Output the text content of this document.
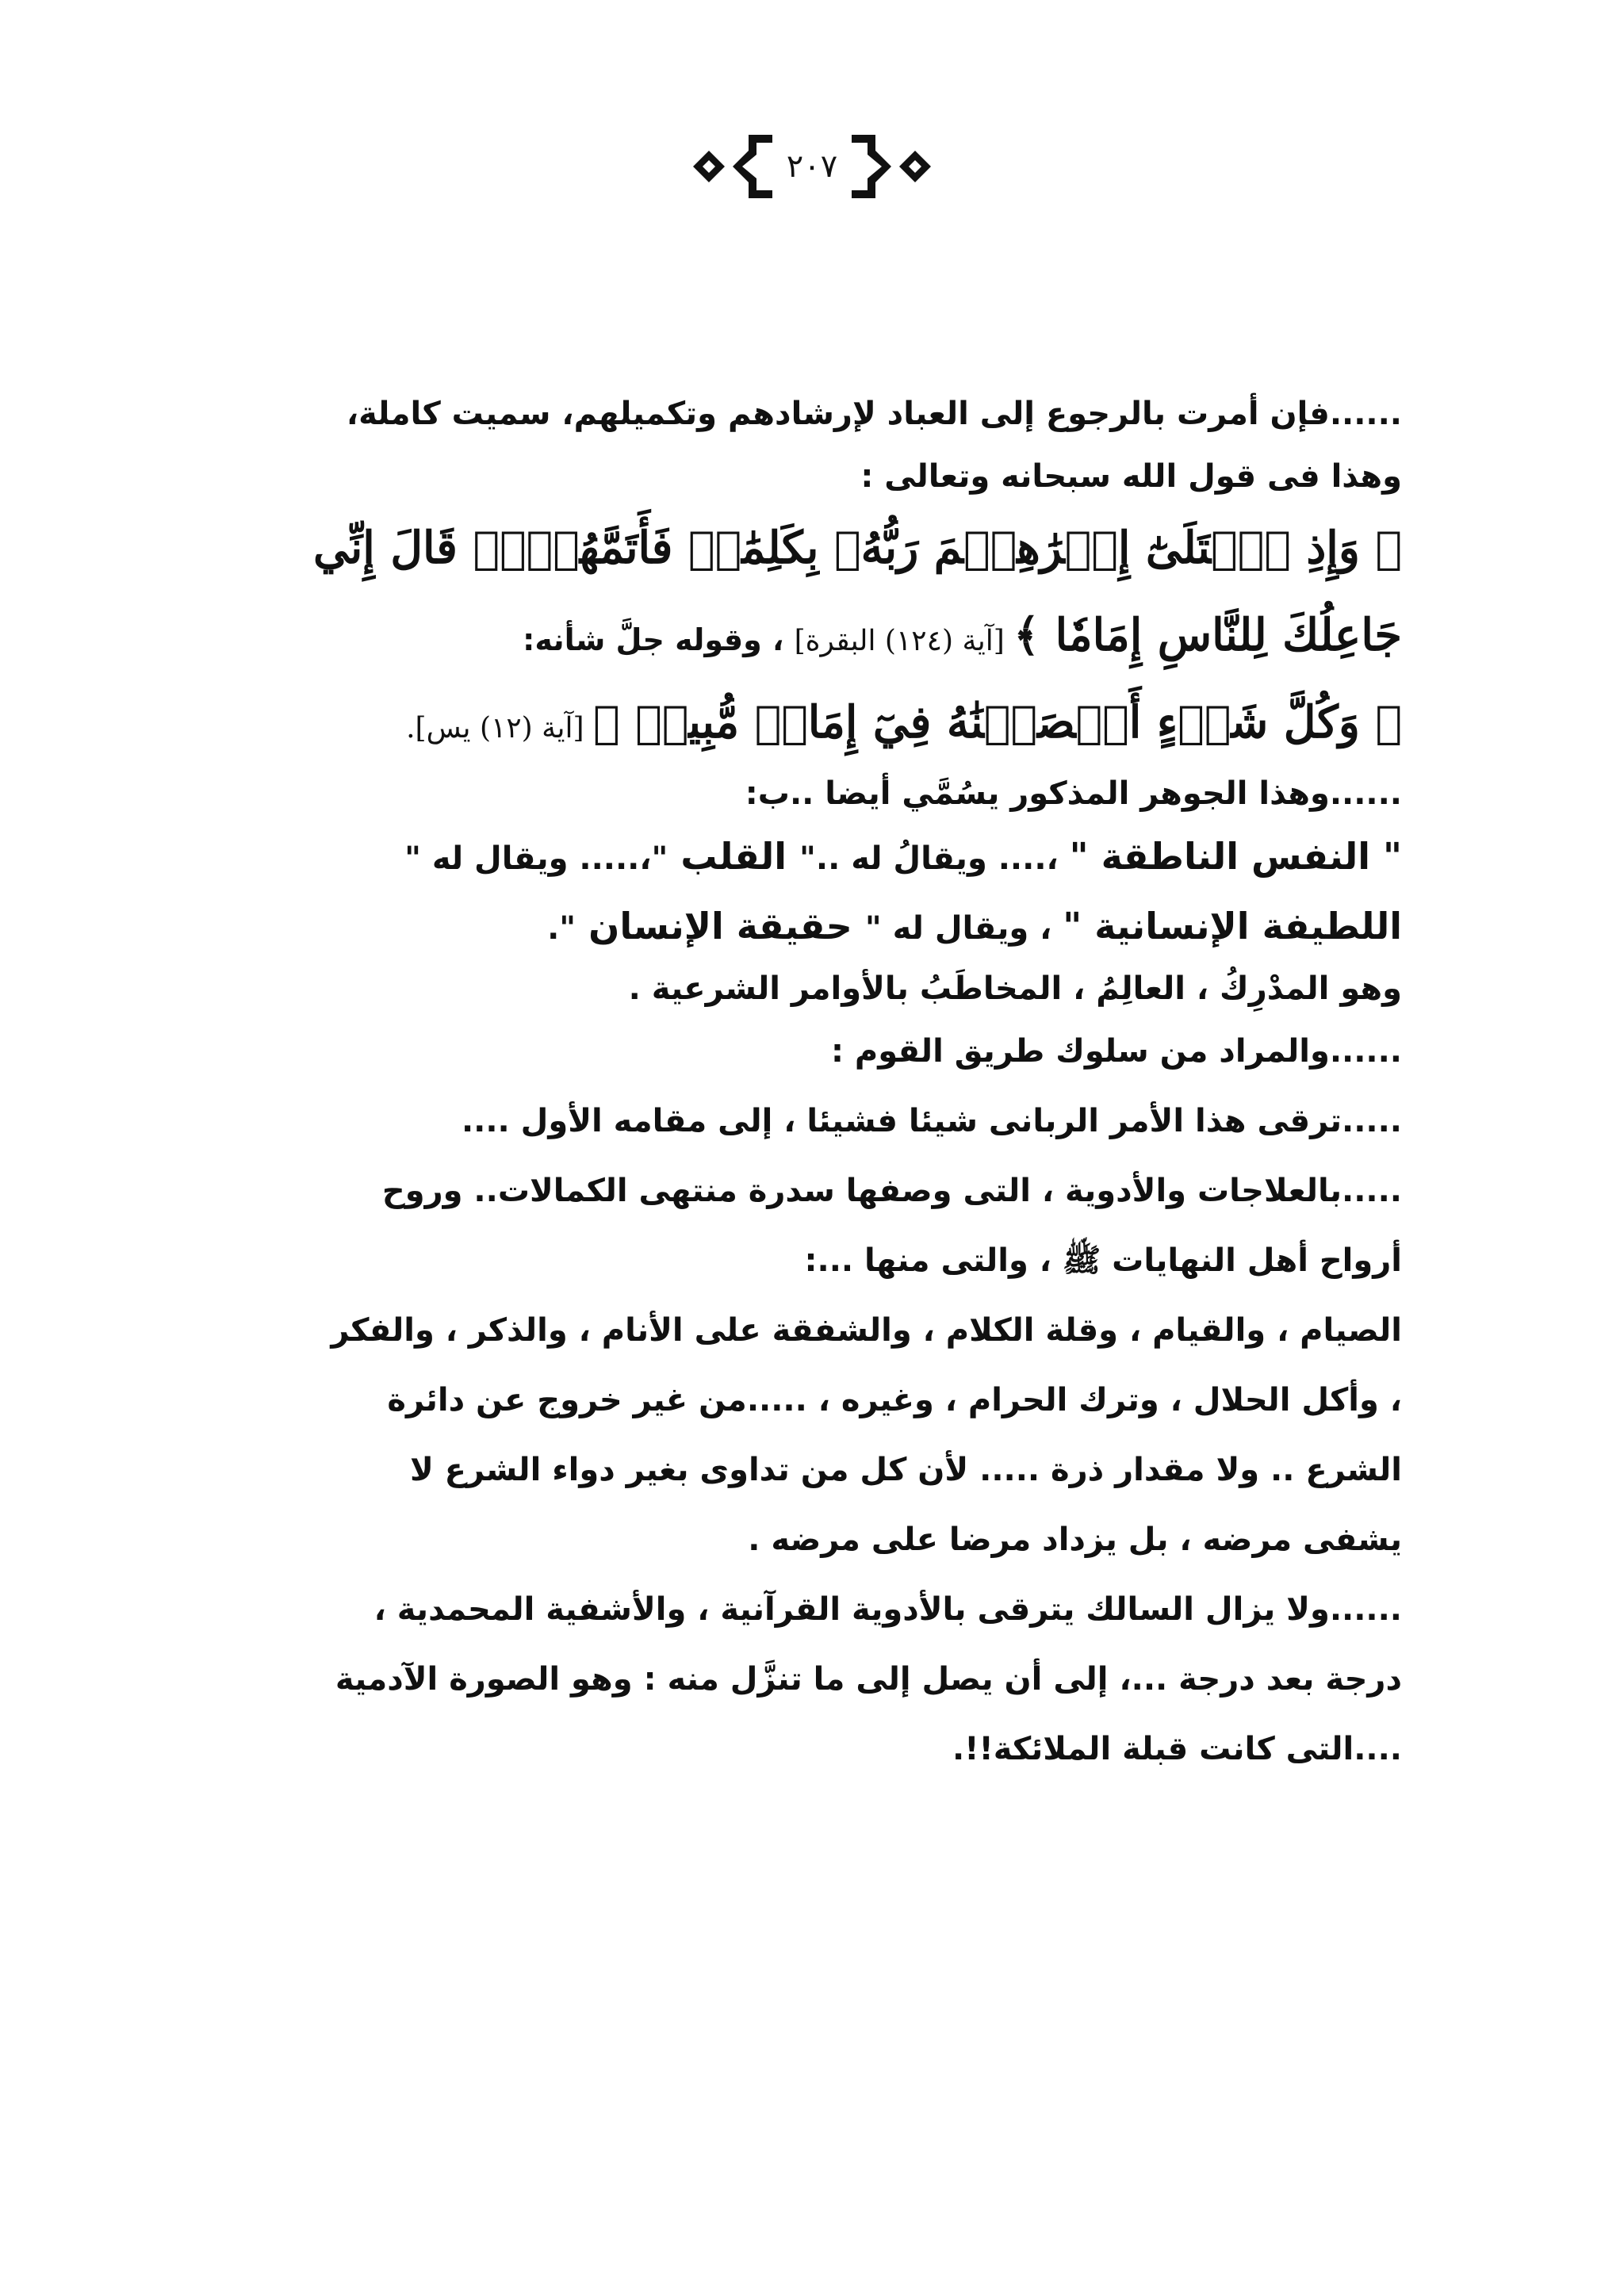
٢٠٧
......فإن أمرت بالرجوع إلى العباد لإرشادهم وتكميلهم، سميت كاملة،
وهذا فى قول الله سبحانه وتعالى :
﴿ وَإِذِ ٱبۡتَلَىٰٓ إِبۡرَٰهِـۧمَ رَبُّهُۥ بِكَلِمَٰتٖ فَأَتَمَّهُنَّۖ قَالَ إِنِّي
جَاعِلُكَ لِلنَّاسِ إِمَامٗا ﴾ [آية (١٢٤) البقرة] ، وقوله جلَّ شأنه:
﴿ وَكُلَّ شَيۡءٍ أَحۡصَيۡنَٰهُ فِيٓ إِمَامٖ مُّبِينٖ ﴾ [آية (١٢) يس].
......وهذا الجوهر المذكور يسُمَّي أيضا ..ب:
" النفس الناطقة " ،.... ويقالُ له .." القلب "،..... ويقال له "
اللطيفة الإنسانية " ، ويقال له " حقيقة الإنسان ".
وهو المدْرِكُ ، العالِمُ ، المخاطَبُ بالأوامر الشرعية .
......والمراد من سلوك طريق القوم :
.....ترقى هذا الأمر الربانى شيئا فشيئا ، إلى مقامه الأول ....
.....بالعلاجات والأدوية ، التى وصفها سدرة منتهى الكمالات.. وروح
أرواح أهل النهايات ﷺ ، والتى منها ...:
الصيام ، والقيام ، وقلة الكلام ، والشفقة على الأنام ، والذكر ، والفكر
، وأكل الحلال ، وترك الحرام ، وغيره ، .....من غير خروج عن دائرة
الشرع .. ولا مقدار ذرة ..... لأن كل من تداوى بغير دواء الشرع لا
يشفى مرضه ، بل يزداد مرضا على مرضه .
......ولا يزال السالك يترقى بالأدوية القرآنية ، والأشفية المحمدية ،
درجة بعد درجة ...، إلى أن يصل إلى ما تنزَّل منه : وهو الصورة الآدمية
....التى كانت قبلة الملائكة!!.
